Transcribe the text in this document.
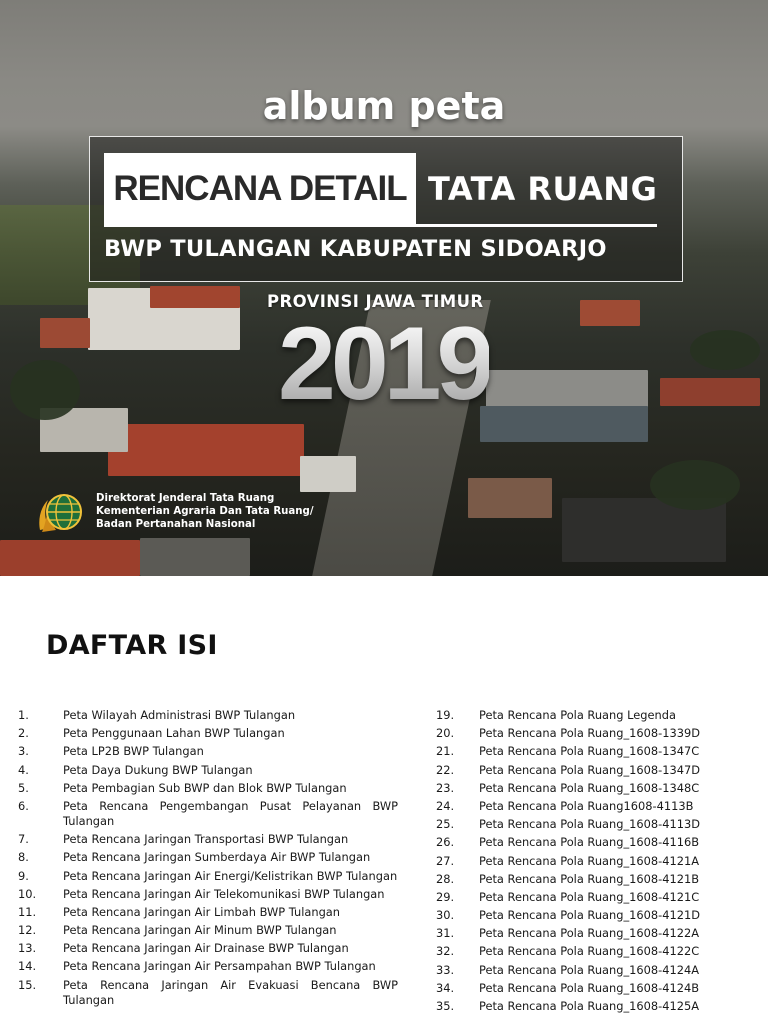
album peta
RENCANA DETAIL TATA RUANG
BWP TULANGAN KABUPATEN SIDOARJO
PROVINSI JAWA TIMUR
2019
Direktorat Jenderal Tata Ruang
Kementerian Agraria Dan Tata Ruang/
Badan Pertanahan Nasional
DAFTAR ISI
1.	Peta Wilayah Administrasi BWP Tulangan
2.	Peta Penggunaan Lahan BWP Tulangan
3.	Peta LP2B BWP Tulangan
4.	Peta Daya Dukung BWP Tulangan
5.	Peta Pembagian Sub BWP dan Blok BWP Tulangan
6.	Peta Rencana Pengembangan Pusat Pelayanan BWP Tulangan
7.	Peta Rencana Jaringan Transportasi BWP Tulangan
8.	Peta Rencana Jaringan Sumberdaya Air BWP Tulangan
9.	Peta Rencana Jaringan Air Energi/Kelistrikan BWP Tulangan
10.	Peta Rencana Jaringan Air Telekomunikasi BWP Tulangan
11.	Peta Rencana Jaringan Air Limbah BWP Tulangan
12.	Peta Rencana Jaringan Air Minum BWP Tulangan
13.	Peta Rencana Jaringan Air Drainase BWP Tulangan
14.	Peta Rencana Jaringan Air Persampahan BWP Tulangan
15.	Peta Rencana Jaringan Air Evakuasi Bencana BWP Tulangan
19.	Peta Rencana Pola Ruang Legenda
20.	Peta Rencana Pola Ruang_1608-1339D
21.	Peta Rencana Pola Ruang_1608-1347C
22.	Peta Rencana Pola Ruang_1608-1347D
23.	Peta Rencana Pola Ruang_1608-1348C
24.	Peta Rencana Pola Ruang1608-4113B
25.	Peta Rencana Pola Ruang_1608-4113D
26.	Peta Rencana Pola Ruang_1608-4116B
27.	Peta Rencana Pola Ruang_1608-4121A
28.	Peta Rencana Pola Ruang_1608-4121B
29.	Peta Rencana Pola Ruang_1608-4121C
30.	Peta Rencana Pola Ruang_1608-4121D
31.	Peta Rencana Pola Ruang_1608-4122A
32.	Peta Rencana Pola Ruang_1608-4122C
33.	Peta Rencana Pola Ruang_1608-4124A
34.	Peta Rencana Pola Ruang_1608-4124B
35.	Peta Rencana Pola Ruang_1608-4125A
